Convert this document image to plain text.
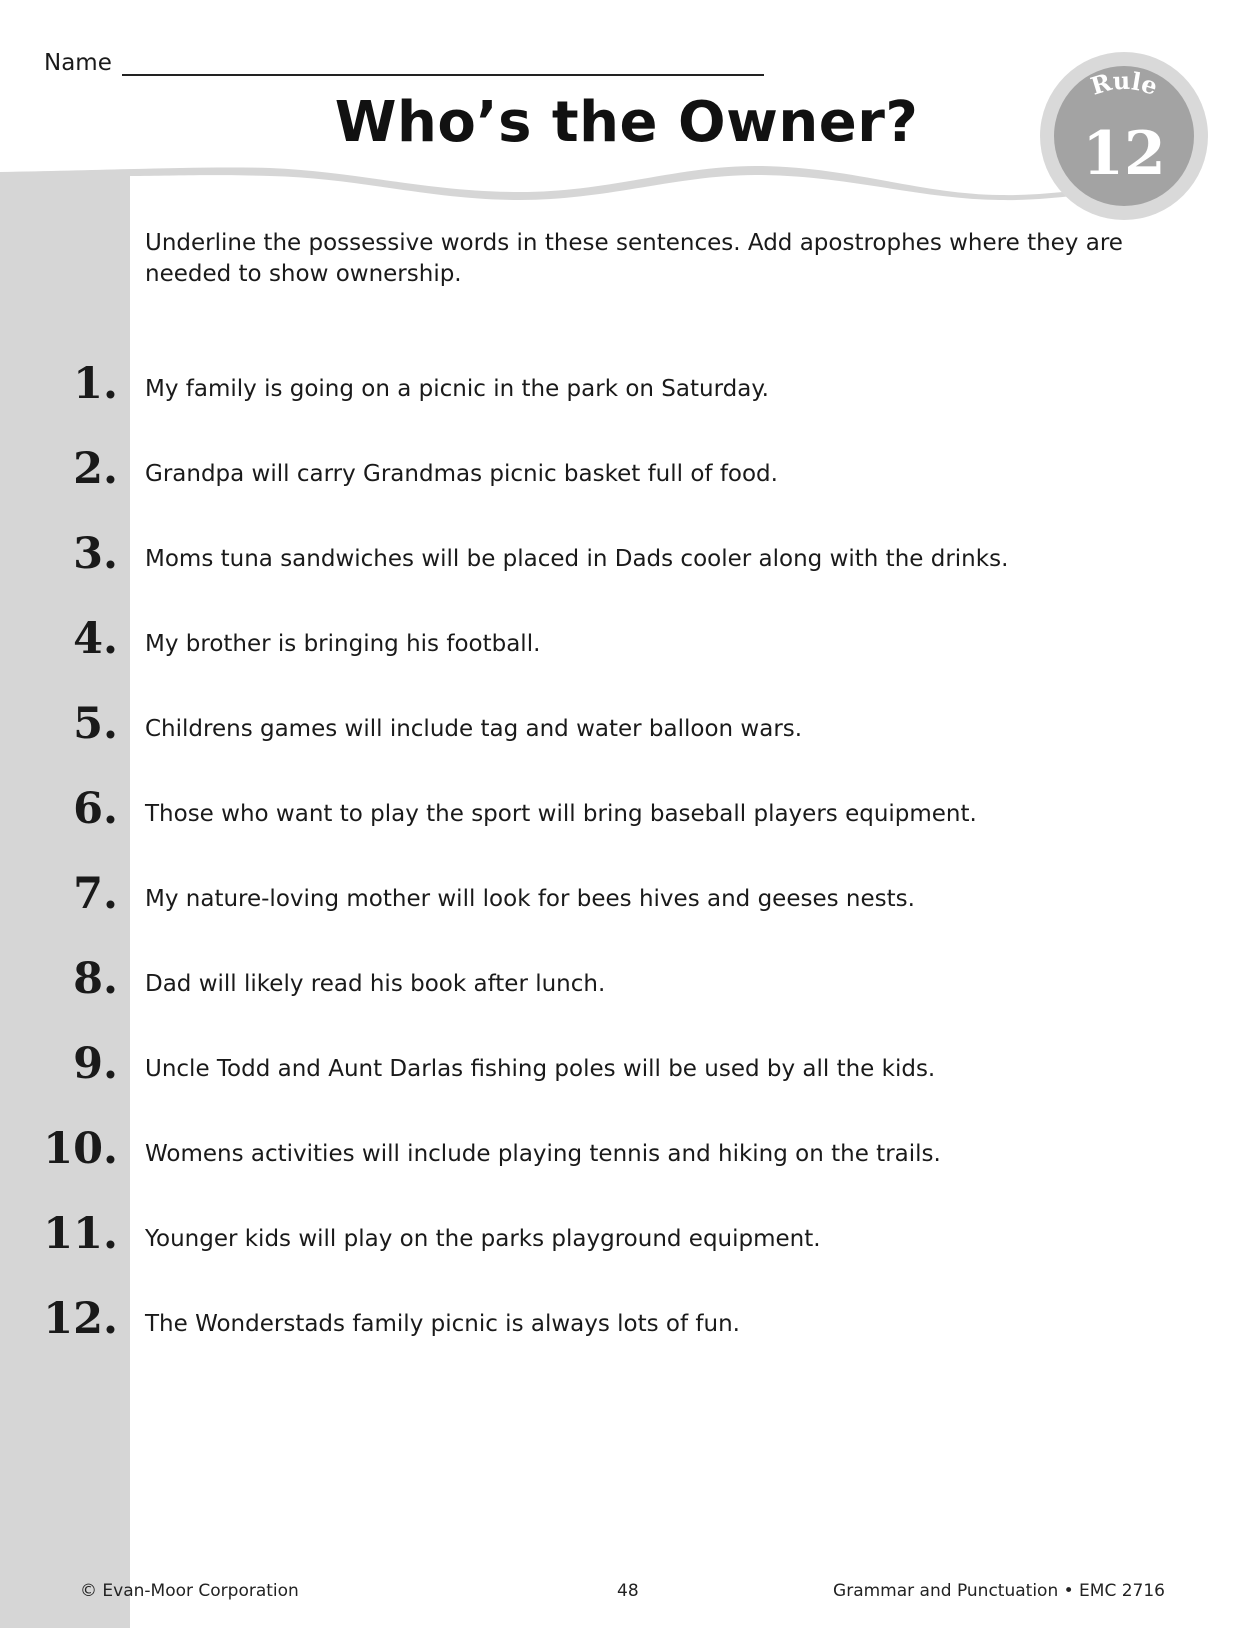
Name
Who’s the Owner?
Rule
12

Underline the possessive words in these sentences. Add apostrophes where they are needed to show ownership.

1. My family is going on a picnic in the park on Saturday.
2. Grandpa will carry Grandmas picnic basket full of food.
3. Moms tuna sandwiches will be placed in Dads cooler along with the drinks.
4. My brother is bringing his football.
5. Childrens games will include tag and water balloon wars.
6. Those who want to play the sport will bring baseball players equipment.
7. My nature-loving mother will look for bees hives and geeses nests.
8. Dad will likely read his book after lunch.
9. Uncle Todd and Aunt Darlas fishing poles will be used by all the kids.
10. Womens activities will include playing tennis and hiking on the trails.
11. Younger kids will play on the parks playground equipment.
12. The Wonderstads family picnic is always lots of fun.
© Evan-Moor Corporation	48	Grammar and Punctuation • EMC 2716
